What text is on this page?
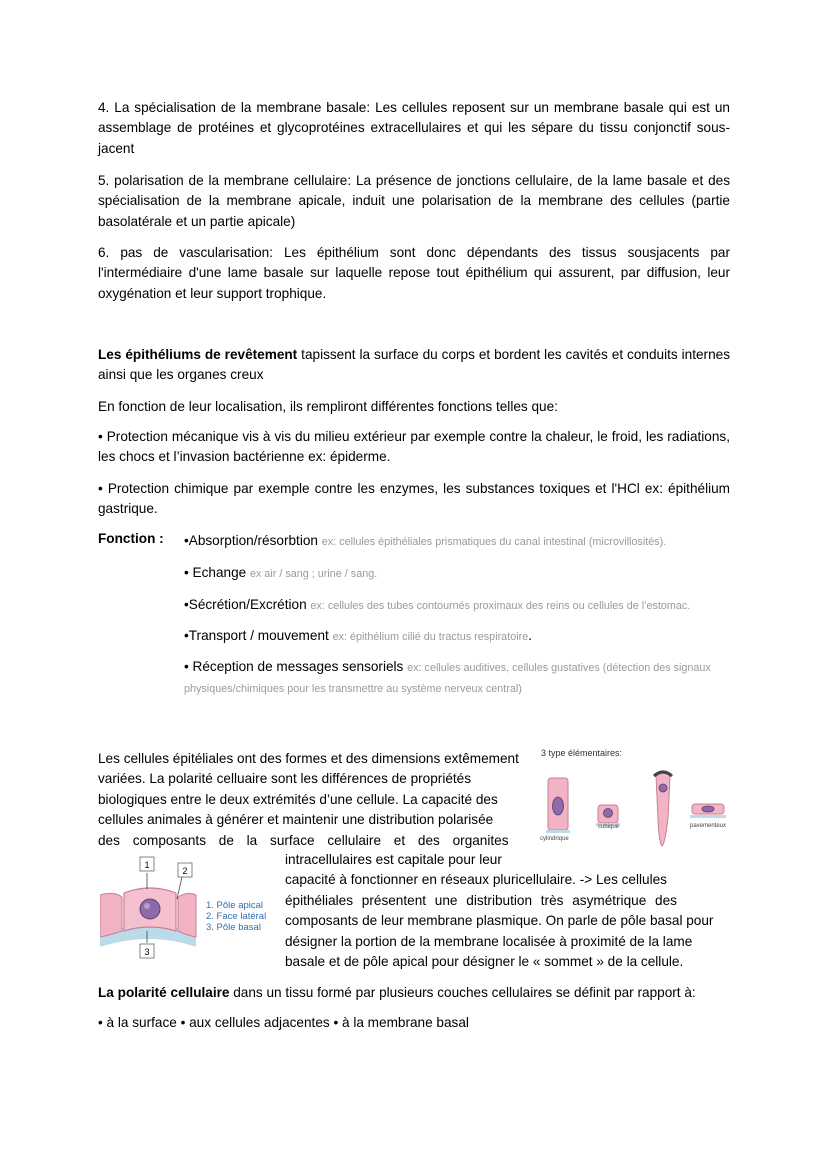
4. La spécialisation de la membrane basale: Les cellules reposent sur un membrane basale qui est un assemblage de protéines et glycoprotéines extracellulaires et qui les sépare du tissu conjonctif sous-jacent

5. polarisation de la membrane cellulaire: La présence de jonctions cellulaire, de la lame basale et des spécialisation de la membrane apicale, induit une polarisation de la membrane des cellules (partie basolatérale et un partie apicale)

6. pas de vascularisation: Les épithélium sont donc dépendants des tissus sousjacents par l'intermédiaire d'une lame basale sur laquelle repose tout épithélium qui assurent, par diffusion, leur oxygénation et leur support trophique.

Les épithéliums de revêtement tapissent la surface du corps et bordent les cavités et conduits internes ainsi que les organes creux

En fonction de leur localisation, ils rempliront différentes fonctions telles que:

• Protection mécanique vis à vis du milieu extérieur par exemple contre la chaleur, le froid, les radiations, les chocs et l’invasion bactérienne ex: épiderme.

• Protection chimique par exemple contre les enzymes, les substances toxiques et l'HCl ex: épithélium gastrique.

Fonction : •Absorption/résorbtion ex: cellules épithéliales prismatiques du canal intestinal (microvillosités).
• Echange ex air / sang ; urine / sang.
•Sécrétion/Excrétion ex: cellules des tubes contournés proximaux des reins ou cellules de l’estomac.
•Transport / mouvement ex: épithélium cilié du tractus respiratoire.
• Réception de messages sensoriels ex: cellules auditives, cellules gustatives (détection des signaux physiques/chimiques pour les transmettre au système nerveux central)
Les cellules épitéliales ont des formes et des dimensions extêmement
variées. La polarité celluaire sont les différences de propriétés
biologiques entre le deux extrémités d’une cellule. La capacité des
cellules animales à générer et maintenir une distribution polarisée
des composants de la surface cellulaire et des organites
intracellulaires est capitale pour leur
capacité à fonctionner en réseaux pluricellulaire. -> Les cellules
épithéliales présentent une distribution très asymétrique des
composants de leur membrane plasmique. On parle de pôle basal pour
désigner la portion de la membrane localisée à proximité de la lame
basale et de pôle apical pour désigner le « sommet » de la cellule.

La polarité cellulaire dans un tissu formé par plusieurs couches cellulaires se définit par rapport à:

• à la surface • aux cellules adjacentes • à la membrane basal

3 type élémentaires:
cylindrique
cubique	pavementeux
1
2
3
1. Pôle apical
2. Face latéral
3. Pôle basal
